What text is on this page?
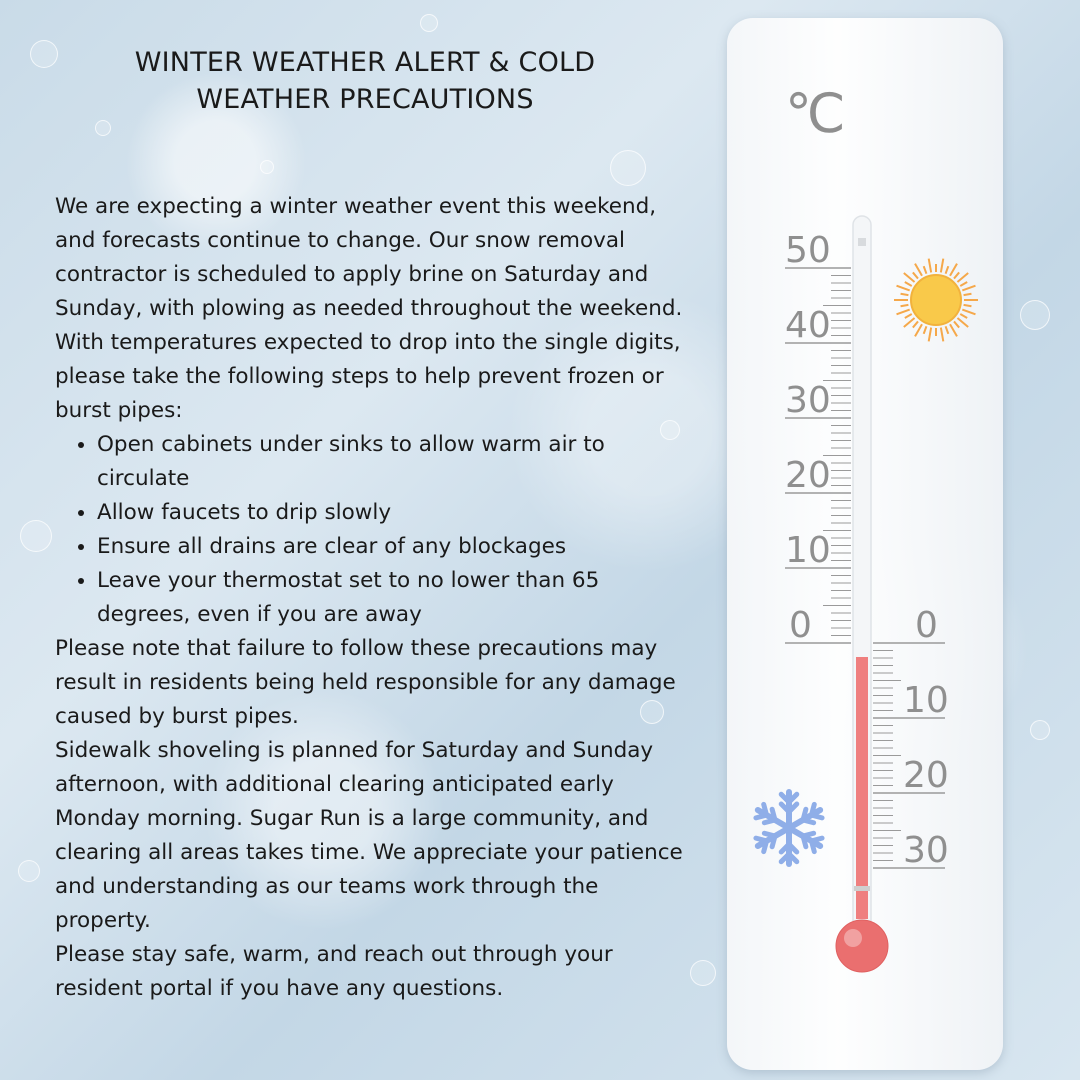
WINTER WEATHER ALERT & COLD
WEATHER PRECAUTIONS

We are expecting a winter weather event this weekend, and forecasts continue to change. Our snow removal contractor is scheduled to apply brine on Saturday and Sunday, with plowing as needed throughout the weekend.

With temperatures expected to drop into the single digits, please take the following steps to help prevent frozen or burst pipes:

• Open cabinets under sinks to allow warm air to circulate
• Allow faucets to drip slowly
• Ensure all drains are clear of any blockages
• Leave your thermostat set to no lower than 65 degrees, even if you are away

Please note that failure to follow these precautions may result in residents being held responsible for any damage caused by burst pipes.

Sidewalk shoveling is planned for Saturday and Sunday afternoon, with additional clearing anticipated early Monday morning. Sugar Run is a large community, and clearing all areas takes time. We appreciate your patience and understanding as our teams work through the property.

Please stay safe, warm, and reach out through your resident portal if you have any questions.

℃
50
40
30
20
10
0	0
10
20
30
